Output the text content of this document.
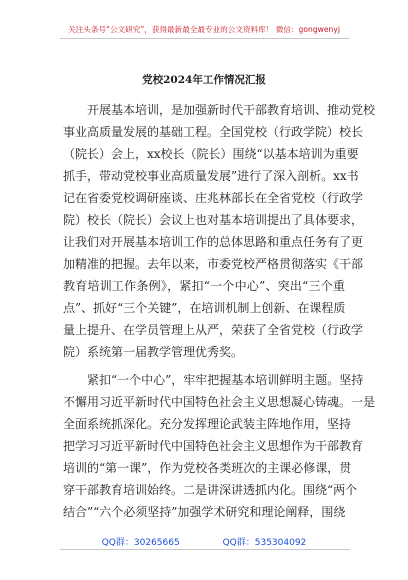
关注头条号“公文研究”，获得最新最全最专业的公文资料库！ 微信：gongwenyj
党校2024年工作情况汇报
开展基本培训，是加强新时代干部教育培训、推动党校
事业高质量发展的基础工程。全国党校（行政学院）校长
（院长）会上，xx校长（院长）围绕“以基本培训为重要
抓手，带动党校事业高质量发展”进行了深入剖析。xx书
记在省委党校调研座谈、庄兆林部长在全省党校（行政学
院）校长（院长）会议上也对基本培训提出了具体要求，
让我们对开展基本培训工作的总体思路和重点任务有了更
加精准的把握。去年以来，市委党校严格贯彻落实《干部
教育培训工作条例》，紧扣“一个中心”、突出“三个重
点”、抓好“三个关键”，在培训机制上创新、在课程质
量上提升、在学员管理上从严，荣获了全省党校（行政学
院）系统第一届教学管理优秀奖。
紧扣“一个中心”，牢牢把握基本培训鲜明主题。坚持
不懈用习近平新时代中国特色社会主义思想凝心铸魂。一是
全面系统抓深化。充分发挥理论武装主阵地作用，坚持
把学习习近平新时代中国特色社会主义思想作为干部教育
培训的“第一课”，作为党校各类班次的主课必修课，贯
穿干部教育培训始终。二是讲深讲透抓内化。围绕“两个
结合”“六个必须坚持”加强学术研究和理论阐释，围绕
QQ群：30265665	QQ群：535304092
